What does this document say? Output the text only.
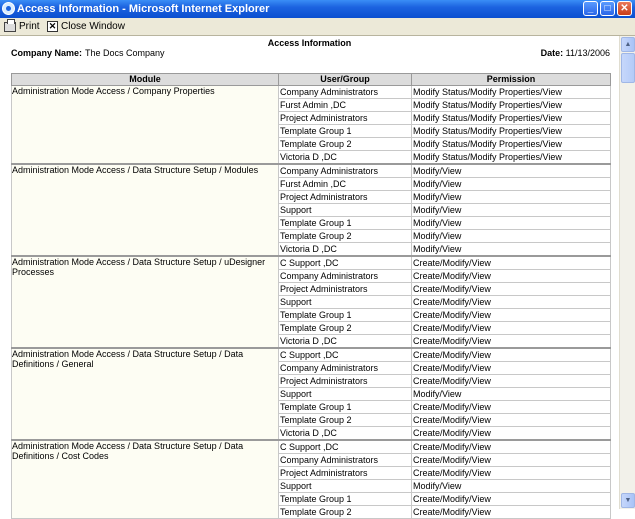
Access Information - Microsoft Internet Explorer	_	□ ✕
Print ✕ Close Window
Access Information
Company Name: The Docs Company	Date: 11/13/2006
Module	User/Group	Permission
Administration Mode Access / Company Properties	Company Administrators	Modify Status/Modify Properties/View
	Furst Admin ,DC	Modify Status/Modify Properties/View
	Project Administrators	Modify Status/Modify Properties/View
	Template Group 1	Modify Status/Modify Properties/View
	Template Group 2	Modify Status/Modify Properties/View
	Victoria D ,DC	Modify Status/Modify Properties/View
Administration Mode Access / Data Structure Setup / Modules	Company Administrators	Modify/View
	Furst Admin ,DC	Modify/View
	Project Administrators	Modify/View
	Support	Modify/View
	Template Group 1	Modify/View
	Template Group 2	Modify/View
	Victoria D ,DC	Modify/View
Administration Mode Access / Data Structure Setup / uDesigner Processes	C Support ,DC	Create/Modify/View
	Company Administrators	Create/Modify/View
	Project Administrators	Create/Modify/View
	Support	Create/Modify/View
	Template Group 1	Create/Modify/View
	Template Group 2	Create/Modify/View
	Victoria D ,DC	Create/Modify/View
Administration Mode Access / Data Structure Setup / Data Definitions / General	C Support ,DC	Create/Modify/View
	Company Administrators	Create/Modify/View
	Project Administrators	Create/Modify/View
	Support	Modify/View
	Template Group 1	Create/Modify/View
	Template Group 2	Create/Modify/View
	Victoria D ,DC	Create/Modify/View
Administration Mode Access / Data Structure Setup / Data Definitions / Cost Codes	C Support ,DC	Create/Modify/View
	Company Administrators	Create/Modify/View
	Project Administrators	Create/Modify/View
	Support	Modify/View
	Template Group 1	Create/Modify/View
	Template Group 2	Create/Modify/View
▲
▼
